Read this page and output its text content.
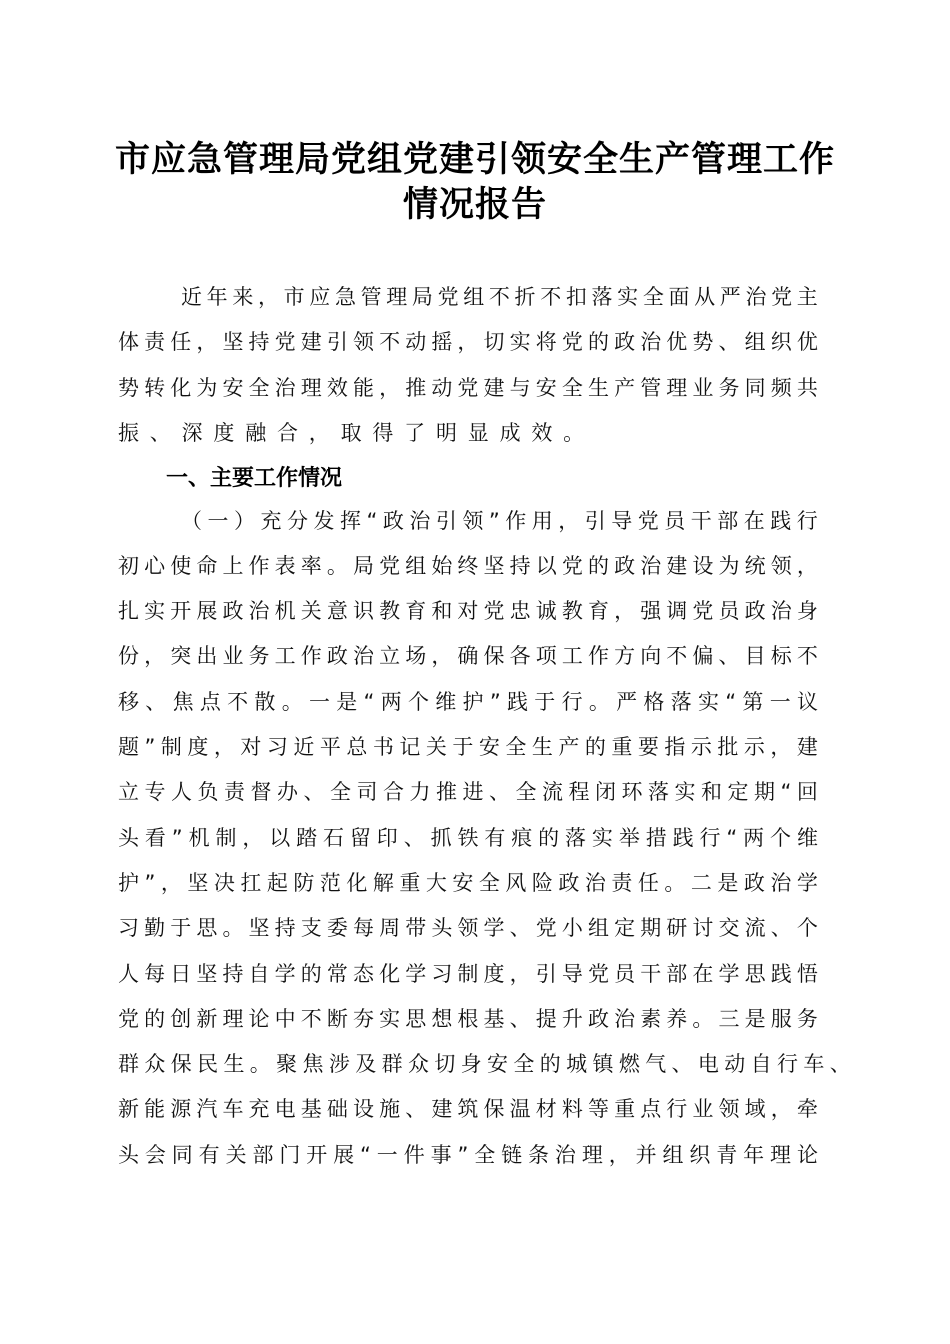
市应急管理局党组党建引领安全生产管理工作
情况报告
近 年 来 ， 市 应 急 管 理 局 党 组 不 折 不 扣 落 实 全 面 从 严 治 党 主
体 责 任 ， 坚 持 党 建 引 领 不 动 摇 ， 切 实 将 党 的 政 治 优 势 、 组 织 优
势 转 化 为 安 全 治 理 效 能 ， 推 动 党 建 与 安 全 生 产 管 理 业 务 同 频 共
振 、 深 度 融 合 ， 取 得 了 明 显 成 效 。
一、主要工作情况
（ 一 ） 充 分 发 挥 “ 政 治 引 领 ” 作 用 ， 引 导 党 员 干 部 在 践 行
初 心 使 命 上 作 表 率 。 局 党 组 始 终 坚 持 以 党 的 政 治 建 设 为 统 领 ，
扎 实 开 展 政 治 机 关 意 识 教 育 和 对 党 忠 诚 教 育 ， 强 调 党 员 政 治 身
份 ， 突 出 业 务 工 作 政 治 立 场 ， 确 保 各 项 工 作 方 向 不 偏 、 目 标 不
移 、 焦 点 不 散 。 一 是 “ 两 个 维 护 ” 践 于 行 。 严 格 落 实 “ 第 一 议
题 ” 制 度 ， 对 习 近 平 总 书 记 关 于 安 全 生 产 的 重 要 指 示 批 示 ， 建
立 专 人 负 责 督 办 、 全 司 合 力 推 进 、 全 流 程 闭 环 落 实 和 定 期 “ 回
头 看 ” 机 制 ， 以 踏 石 留 印 、 抓 铁 有 痕 的 落 实 举 措 践 行 “ 两 个 维
护 ” ， 坚 决 扛 起 防 范 化 解 重 大 安 全 风 险 政 治 责 任 。 二 是 政 治 学
习 勤 于 思 。 坚 持 支 委 每 周 带 头 领 学 、 党 小 组 定 期 研 讨 交 流 、 个
人 每 日 坚 持 自 学 的 常 态 化 学 习 制 度 ， 引 导 党 员 干 部 在 学 思 践 悟
党 的 创 新 理 论 中 不 断 夯 实 思 想 根 基 、 提 升 政 治 素 养 。 三 是 服 务
群 众 保 民 生 。 聚 焦 涉 及 群 众 切 身 安 全 的 城 镇 燃 气 、 电 动 自 行 车 、
新 能 源 汽 车 充 电 基 础 设 施 、 建 筑 保 温 材 料 等 重 点 行 业 领 域 ， 牵
头 会 同 有 关 部 门 开 展 “ 一 件 事 ” 全 链 条 治 理 ， 并 组 织 青 年 理 论
